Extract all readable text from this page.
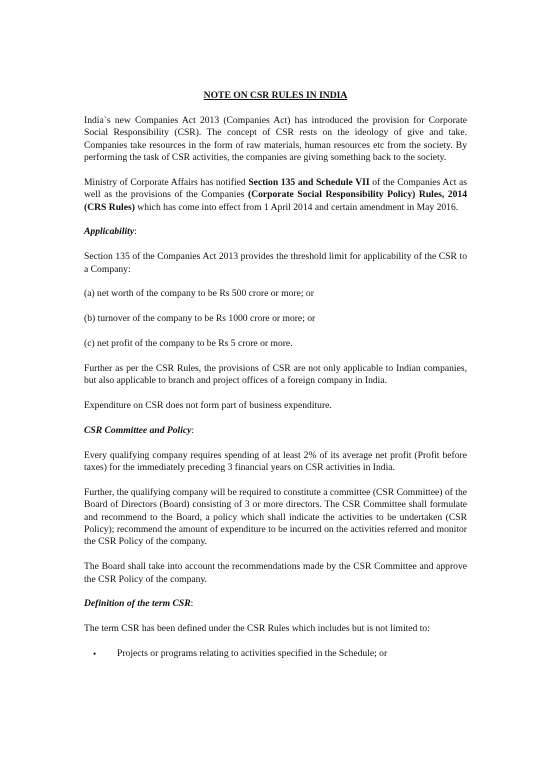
NOTE ON CSR RULES IN INDIA

India`s new Companies Act 2013 (Companies Act) has introduced the provision for Corporate Social Responsibility (CSR). The concept of CSR rests on the ideology of give and take. Companies take resources in the form of raw materials, human resources etc from the society. By performing the task of CSR activities, the companies are giving something back to the society.

Ministry of Corporate Affairs has notified Section 135 and Schedule VII of the Companies Act as well as the provisions of the Companies (Corporate Social Responsibility Policy) Rules, 2014 (CRS Rules) which has come into effect from 1 April 2014 and certain amendment in May 2016.

Applicability:

Section 135 of the Companies Act 2013 provides the threshold limit for applicability of the CSR to a Company:

(a) net worth of the company to be Rs 500 crore or more; or

(b) turnover of the company to be Rs 1000 crore or more; or

(c) net profit of the company to be Rs 5 crore or more.

Further as per the CSR Rules, the provisions of CSR are not only applicable to Indian companies, but also applicable to branch and project offices of a foreign company in India.

Expenditure on CSR does not form part of business expenditure.

CSR Committee and Policy:

Every qualifying company requires spending of at least 2% of its average net profit (Profit before taxes) for the immediately preceding 3 financial years on CSR activities in India.

Further, the qualifying company will be required to constitute a committee (CSR Committee) of the Board of Directors (Board) consisting of 3 or more directors. The CSR Committee shall formulate and recommend to the Board, a policy which shall indicate the activities to be undertaken (CSR Policy); recommend the amount of expenditure to be incurred on the activities referred and monitor the CSR Policy of the company.

The Board shall take into account the recommendations made by the CSR Committee and approve the CSR Policy of the company.

Definition of the term CSR:

The term CSR has been defined under the CSR Rules which includes but is not limited to:

• Projects or programs relating to activities specified in the Schedule; or
